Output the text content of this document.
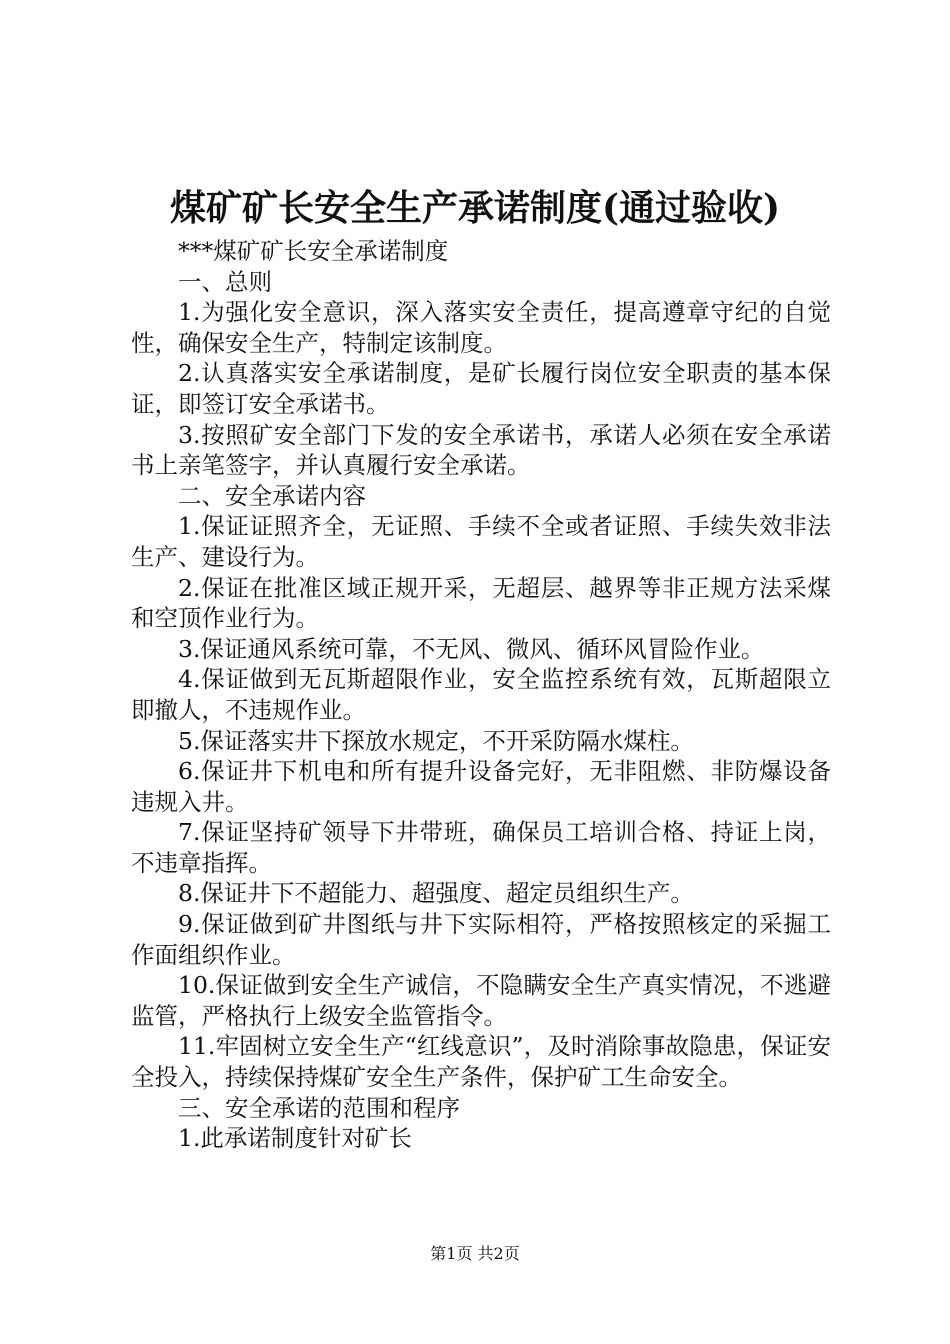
煤矿矿长安全生产承诺制度(通过验收)

***煤矿矿长安全承诺制度

一、总则

1.为强化安全意识，深入落实安全责任，提高遵章守纪的自觉性，确保安全生产，特制定该制度。

2.认真落实安全承诺制度，是矿长履行岗位安全职责的基本保证，即签订安全承诺书。

3.按照矿安全部门下发的安全承诺书，承诺人必须在安全承诺书上亲笔签字，并认真履行安全承诺。

二、安全承诺内容

1.保证证照齐全，无证照、手续不全或者证照、手续失效非法生产、建设行为。

2.保证在批准区域正规开采，无超层、越界等非正规方法采煤和空顶作业行为。

3.保证通风系统可靠，不无风、微风、循环风冒险作业。

4.保证做到无瓦斯超限作业，安全监控系统有效，瓦斯超限立即撤人，不违规作业。

5.保证落实井下探放水规定，不开采防隔水煤柱。

6.保证井下机电和所有提升设备完好，无非阻燃、非防爆设备违规入井。

7.保证坚持矿领导下井带班，确保员工培训合格、持证上岗，不违章指挥。

8.保证井下不超能力、超强度、超定员组织生产。

9.保证做到矿井图纸与井下实际相符，严格按照核定的采掘工作面组织作业。

10.保证做到安全生产诚信，不隐瞒安全生产真实情况，不逃避监管，严格执行上级安全监管指令。

11.牢固树立安全生产“红线意识”，及时消除事故隐患，保证安全投入，持续保持煤矿安全生产条件，保护矿工生命安全。

三、安全承诺的范围和程序

1.此承诺制度针对矿长

第1页 共2页
